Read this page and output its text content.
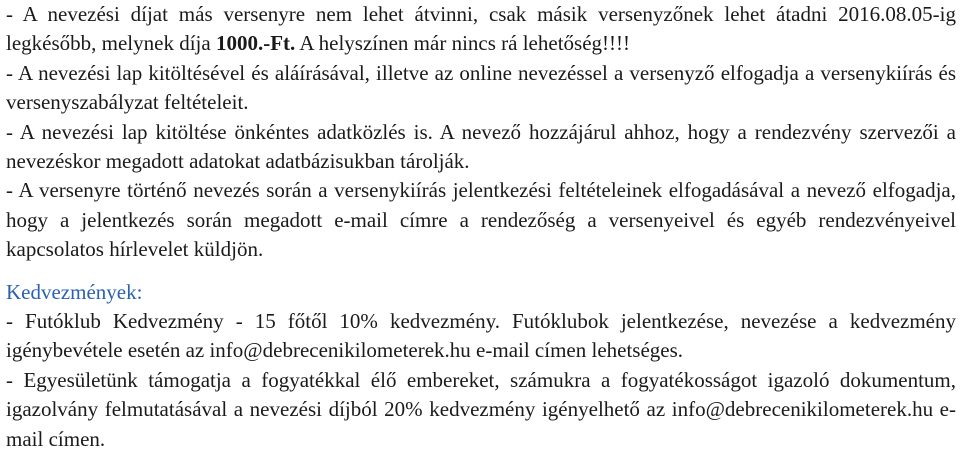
- A nevezési díjat más versenyre nem lehet átvinni, csak másik versenyzőnek lehet átadni 2016.08.05-ig legkésőbb, melynek díja 1000.-Ft. A helyszínen már nincs rá lehetőség!!!!

- A nevezési lap kitöltésével és aláírásával, illetve az online nevezéssel a versenyző elfogadja a versenykiírás és versenyszabályzat feltételeit.

- A nevezési lap kitöltése önkéntes adatközlés is. A nevező hozzájárul ahhoz, hogy a rendezvény szervezői a nevezéskor megadott adatokat adatbázisukban tárolják.

- A versenyre történő nevezés során a versenykiírás jelentkezési feltételeinek elfogadásával a nevező elfogadja, hogy a jelentkezés során megadott e-mail címre a rendezőség a versenyeivel és egyéb rendezvényeivel kapcsolatos hírlevelet küldjön.

Kedvezmények:

- Futóklub Kedvezmény - 15 főtől 10% kedvezmény. Futóklubok jelentkezése, nevezése a kedvezmény igénybevétele esetén az info@debrecenikilometerek.hu e-mail címen lehetséges.

- Egyesületünk támogatja a fogyatékkal élő embereket, számukra a fogyatékosságot igazoló dokumentum, igazolvány felmutatásával a nevezési díjból 20% kedvezmény igényelhető az info@debrecenikilometerek.hu e-mail címen.
